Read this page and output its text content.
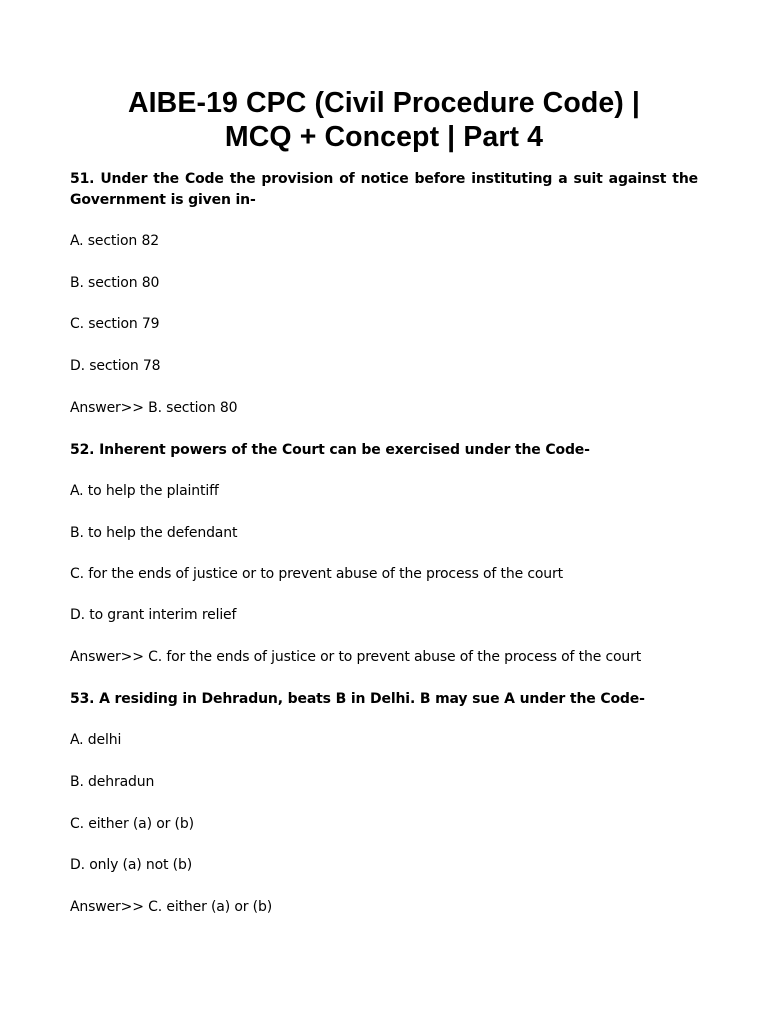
AIBE-19 CPC (Civil Procedure Code) |
MCQ + Concept | Part 4

51. Under the Code the provision of notice before instituting a suit against the Government is given in-

A. section 82

B. section 80

C. section 79

D. section 78

Answer>> B. section 80

52. Inherent powers of the Court can be exercised under the Code-

A. to help the plaintiff

B. to help the defendant

C. for the ends of justice or to prevent abuse of the process of the court

D. to grant interim relief

Answer>> C. for the ends of justice or to prevent abuse of the process of the court

53. A residing in Dehradun, beats B in Delhi. B may sue A under the Code-

A. delhi

B. dehradun

C. either (a) or (b)

D. only (a) not (b)

Answer>> C. either (a) or (b)
